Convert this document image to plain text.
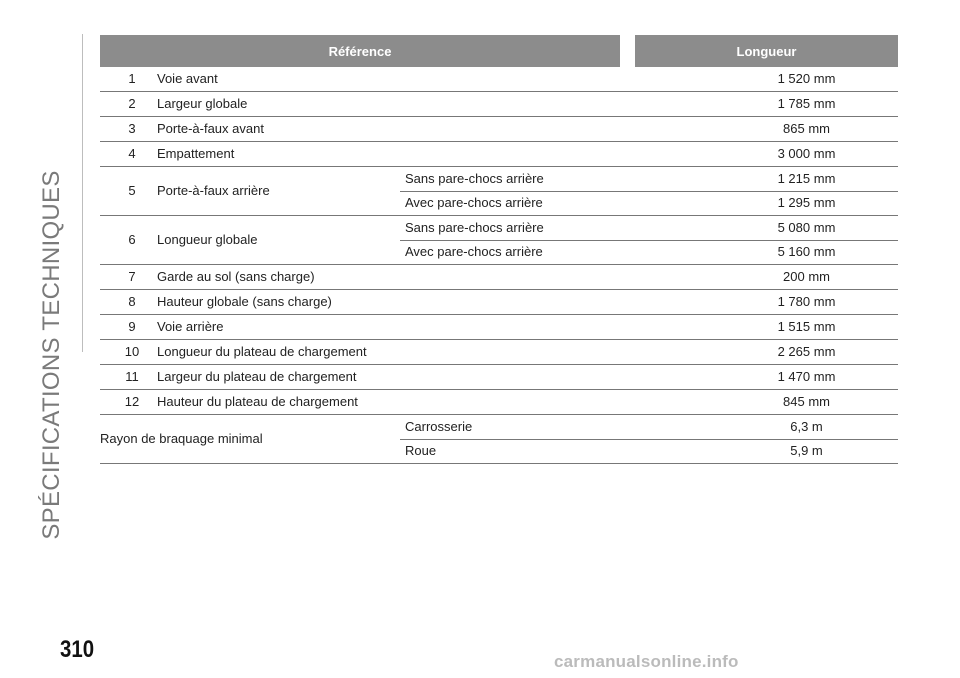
SPÉCIFICATIONS TECHNIQUES
Référence	Longueur
1	Voie avant	1 520 mm
2	Largeur globale	1 785 mm
3	Porte-à-faux avant	865 mm
4	Empattement	3 000 mm
5	Porte-à-faux arrière
Sans pare-chocs arrière	1 215 mm
Avec pare-chocs arrière	1 295 mm
6	Longueur globale
Sans pare-chocs arrière	5 080 mm
Avec pare-chocs arrière	5 160 mm
7	Garde au sol (sans charge)	200 mm
8	Hauteur globale (sans charge)	1 780 mm
9	Voie arrière	1 515 mm
10	Longueur du plateau de chargement	2 265 mm
11	Largeur du plateau de chargement	1 470 mm
12	Hauteur du plateau de chargement	845 mm
Rayon de braquage minimal
Carrosserie	6,3 m
Roue	5,9 m
310	carmanualsonline.info
